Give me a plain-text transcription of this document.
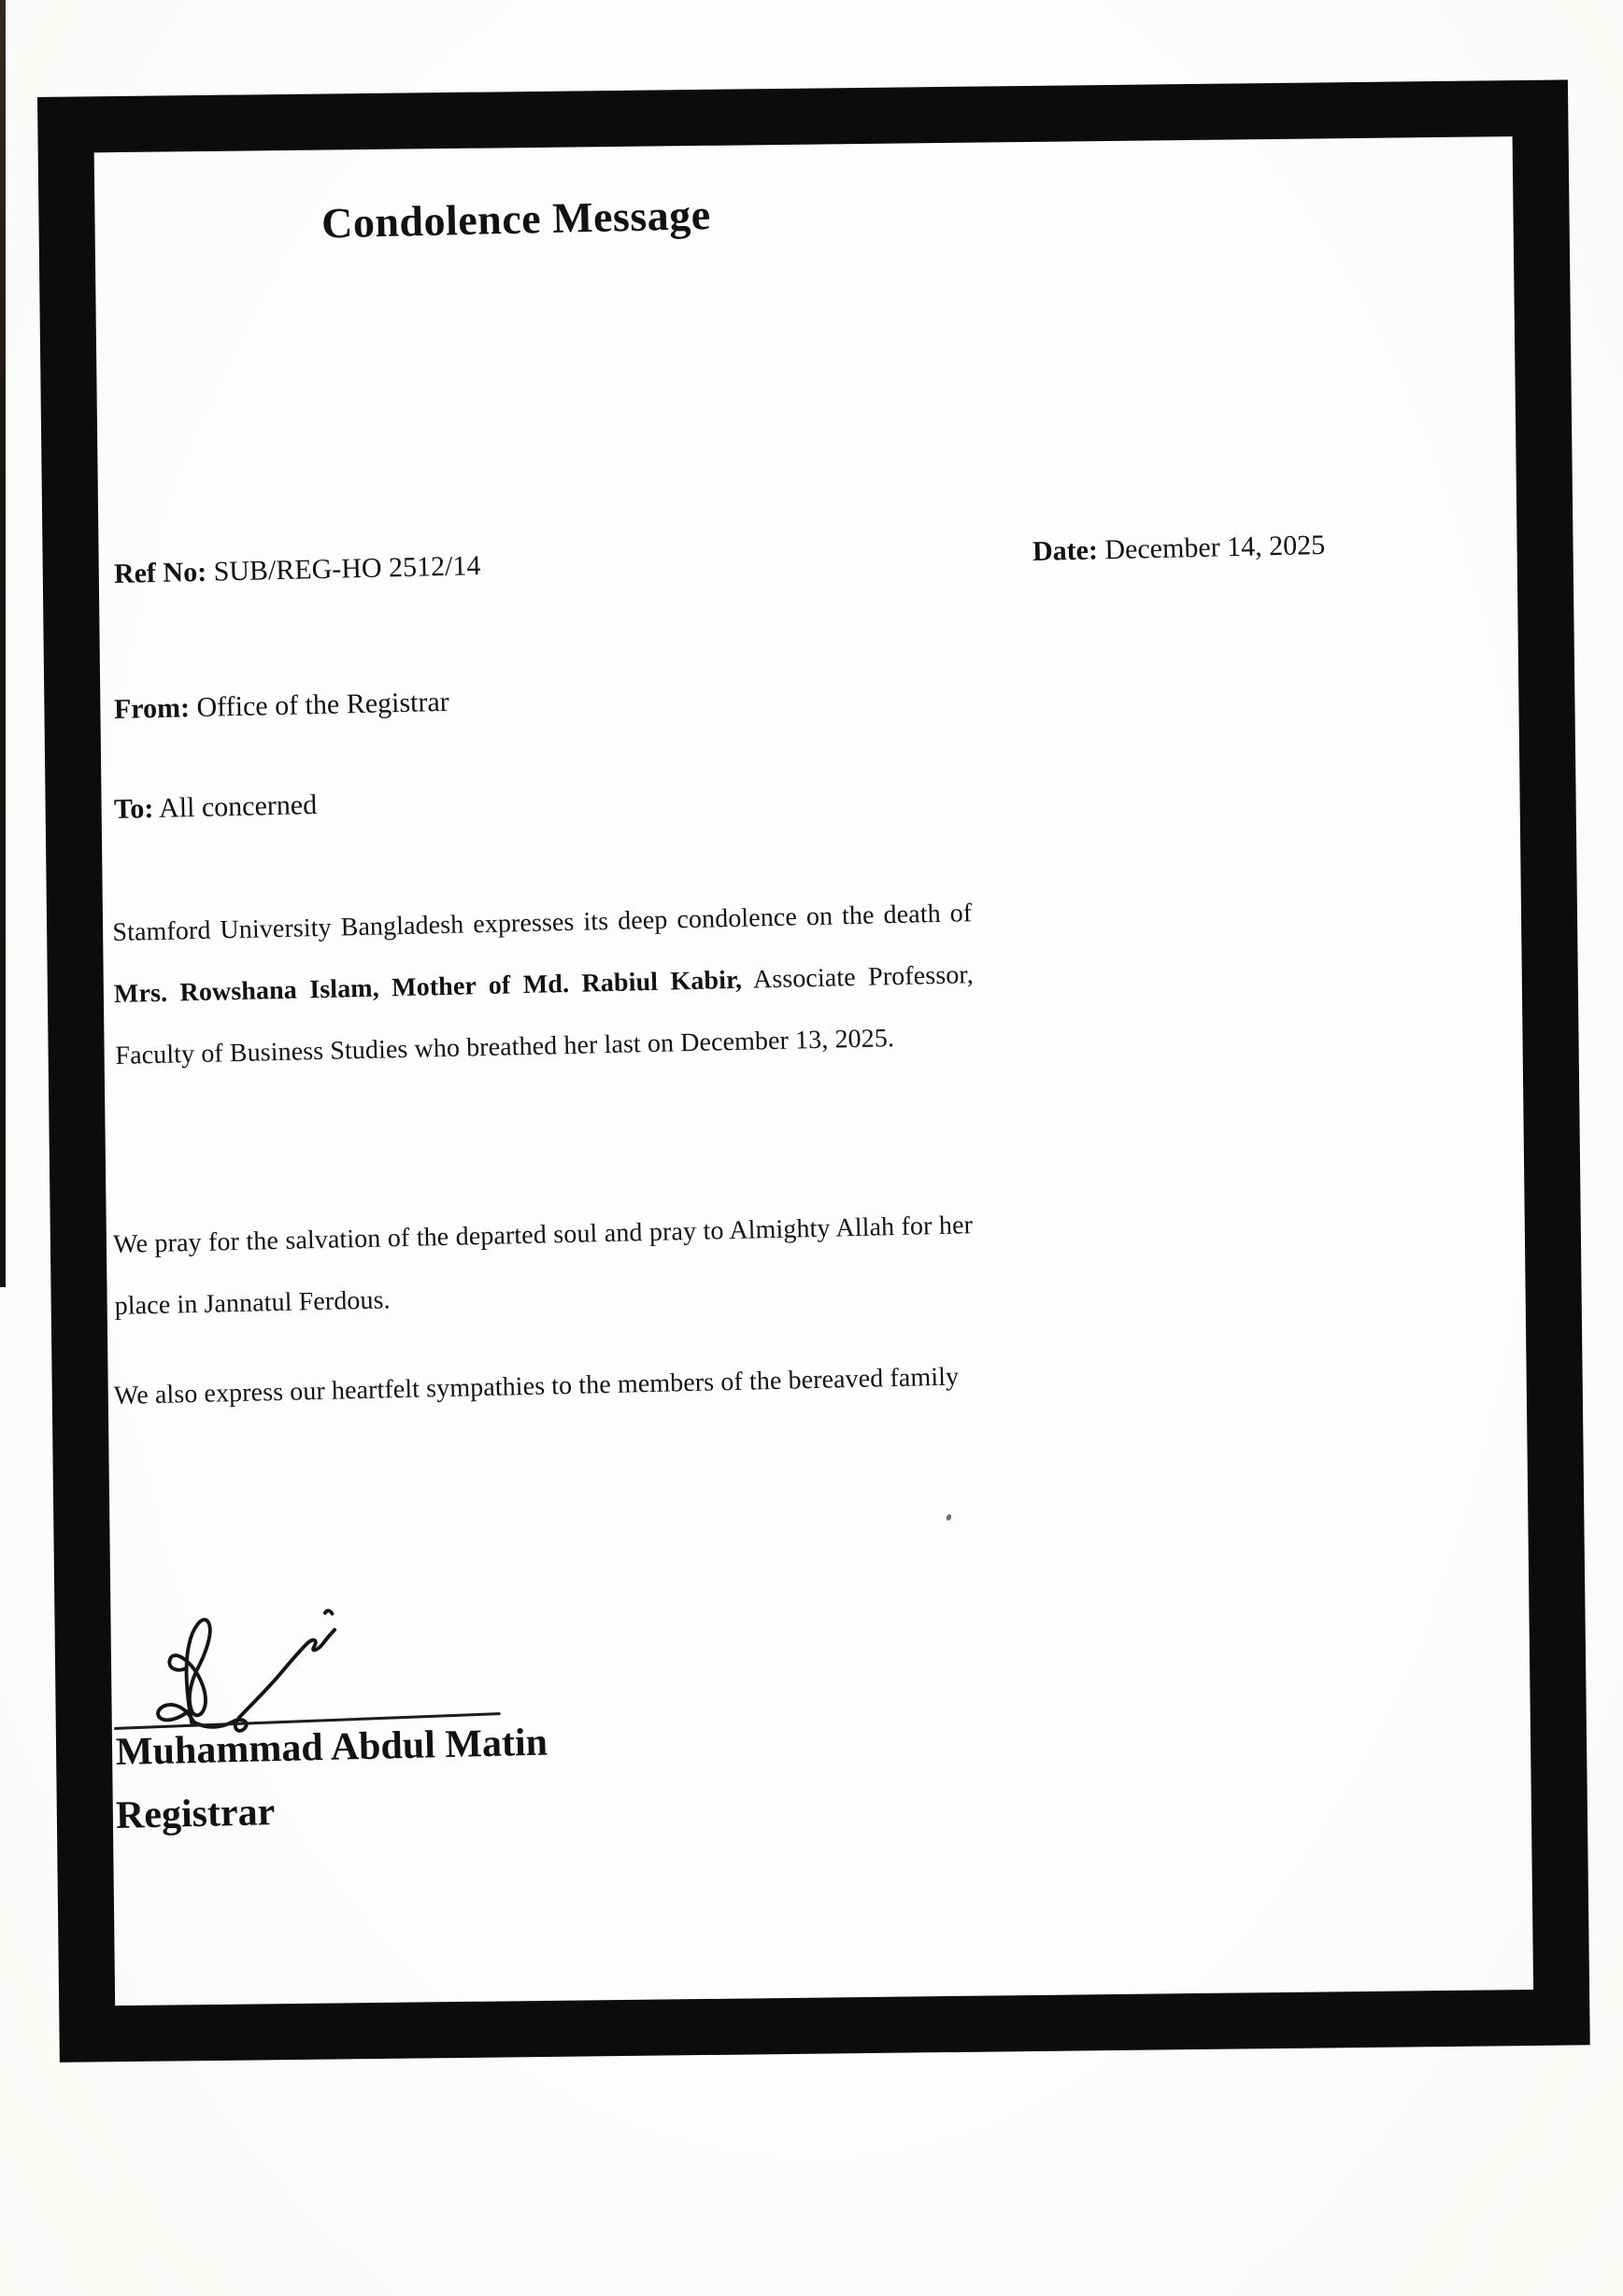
Condolence Message
Ref No: SUB/REG-HO 2512/14	Date: December 14, 2025
From: Office of the Registrar
To: All concerned
Stamford University Bangladesh expresses its deep condolence on the death of Mrs. Rowshana Islam, Mother of Md. Rabiul Kabir, Associate Professor, Faculty of Business Studies who breathed her last on December 13, 2025.
We pray for the salvation of the departed soul and pray to Almighty Allah for her place in Jannatul Ferdous.
We also express our heartfelt sympathies to the members of the bereaved family
Muhammad Abdul Matin
Registrar
